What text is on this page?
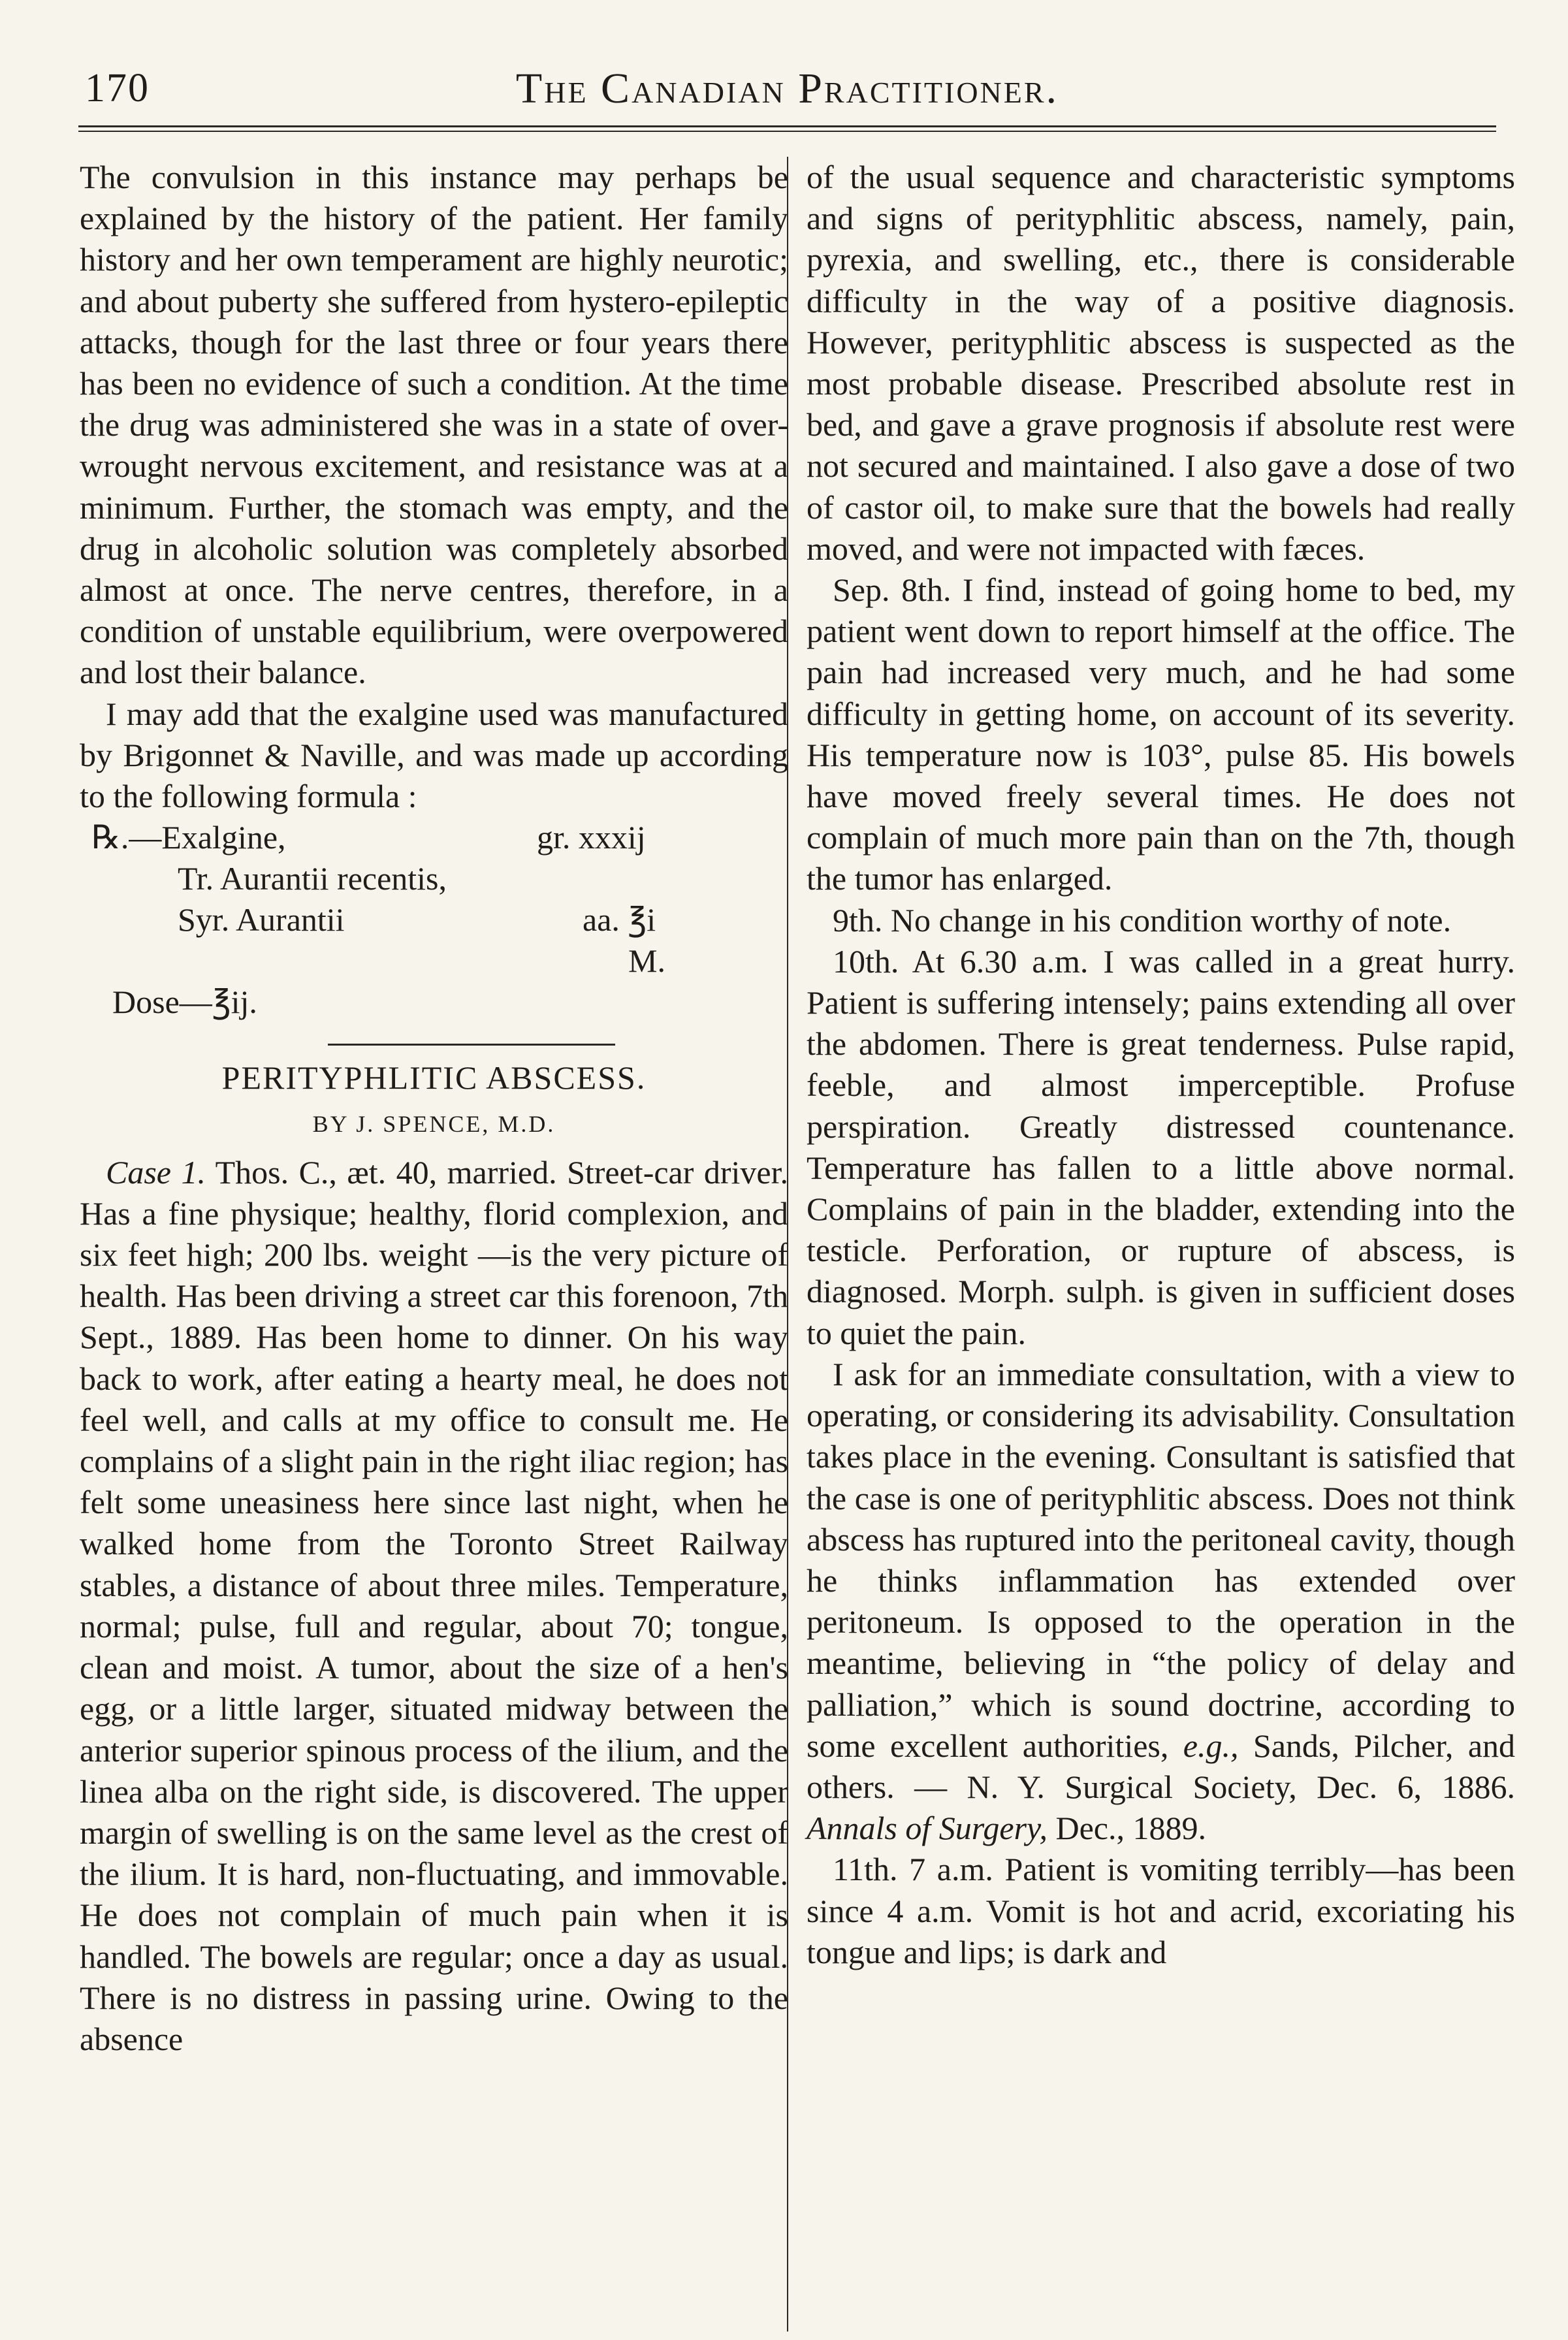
170	The Canadian Practitioner.

The convulsion in this instance may perhaps be explained by the history of the patient. Her family history and her own temperament are highly neurotic; and about puberty she suffered from hystero-epileptic attacks, though for the last three or four years there has been no evidence of such a condition. At the time the drug was administered she was in a state of over-wrought nervous excitement, and resistance was at a minimum. Further, the stomach was empty, and the drug in alcoholic solution was completely absorbed almost at once. The nerve centres, therefore, in a condition of unstable equilibrium, were overpowered and lost their balance.

I may add that the exalgine used was manufactured by Brigonnet & Naville, and was made up according to the following formula :

℞.—Exalgine,	gr. xxxij
Tr. Aurantii recentis,
Syr. Aurantii	aa. ℥i
M.
Dose—℥ij.
PERITYPHLITIC ABSCESS.
BY J. SPENCE, M.D.

Case 1. Thos. C., æt. 40, married. Street-car driver. Has a fine physique; healthy, florid complexion, and six feet high; 200 lbs. weight —is the very picture of health. Has been driving a street car this forenoon, 7th Sept., 1889. Has been home to dinner. On his way back to work, after eating a hearty meal, he does not feel well, and calls at my office to consult me. He complains of a slight pain in the right iliac region; has felt some uneasiness here since last night, when he walked home from the Toronto Street Railway stables, a distance of about three miles. Temperature, normal; pulse, full and regular, about 70; tongue, clean and moist. A tumor, about the size of a hen's egg, or a little larger, situated midway between the anterior superior spinous process of the ilium, and the linea alba on the right side, is discovered. The upper margin of swelling is on the same level as the crest of the ilium. It is hard, non-fluctuating, and immovable. He does not complain of much pain when it is handled. The bowels are regular; once a day as usual. There is no distress in passing urine. Owing to the absence

of the usual sequence and characteristic symptoms and signs of perityphlitic abscess, namely, pain, pyrexia, and swelling, etc., there is considerable difficulty in the way of a positive diagnosis. However, perityphlitic abscess is suspected as the most probable disease. Prescribed absolute rest in bed, and gave a grave prognosis if absolute rest were not secured and maintained. I also gave a dose of two of castor oil, to make sure that the bowels had really moved, and were not impacted with fæces.

Sep. 8th. I find, instead of going home to bed, my patient went down to report himself at the office. The pain had increased very much, and he had some difficulty in getting home, on account of its severity. His temperature now is 103°, pulse 85. His bowels have moved freely several times. He does not complain of much more pain than on the 7th, though the tumor has enlarged.

9th. No change in his condition worthy of note.

10th. At 6.30 a.m. I was called in a great hurry. Patient is suffering intensely; pains extending all over the abdomen. There is great tenderness. Pulse rapid, feeble, and almost imperceptible. Profuse perspiration. Greatly distressed countenance. Temperature has fallen to a little above normal. Complains of pain in the bladder, extending into the testicle. Perforation, or rupture of abscess, is diagnosed. Morph. sulph. is given in sufficient doses to quiet the pain.

I ask for an immediate consultation, with a view to operating, or considering its advisability. Consultation takes place in the evening. Consultant is satisfied that the case is one of perityphlitic abscess. Does not think abscess has ruptured into the peritoneal cavity, though he thinks inflammation has extended over peritoneum. Is opposed to the operation in the meantime, believing in “the policy of delay and palliation,” which is sound doctrine, according to some excellent authorities, e.g., Sands, Pilcher, and others. — N. Y. Surgical Society, Dec. 6, 1886. Annals of Surgery, Dec., 1889.

11th. 7 a.m. Patient is vomiting terribly—has been since 4 a.m. Vomit is hot and acrid, excoriating his tongue and lips; is dark and
